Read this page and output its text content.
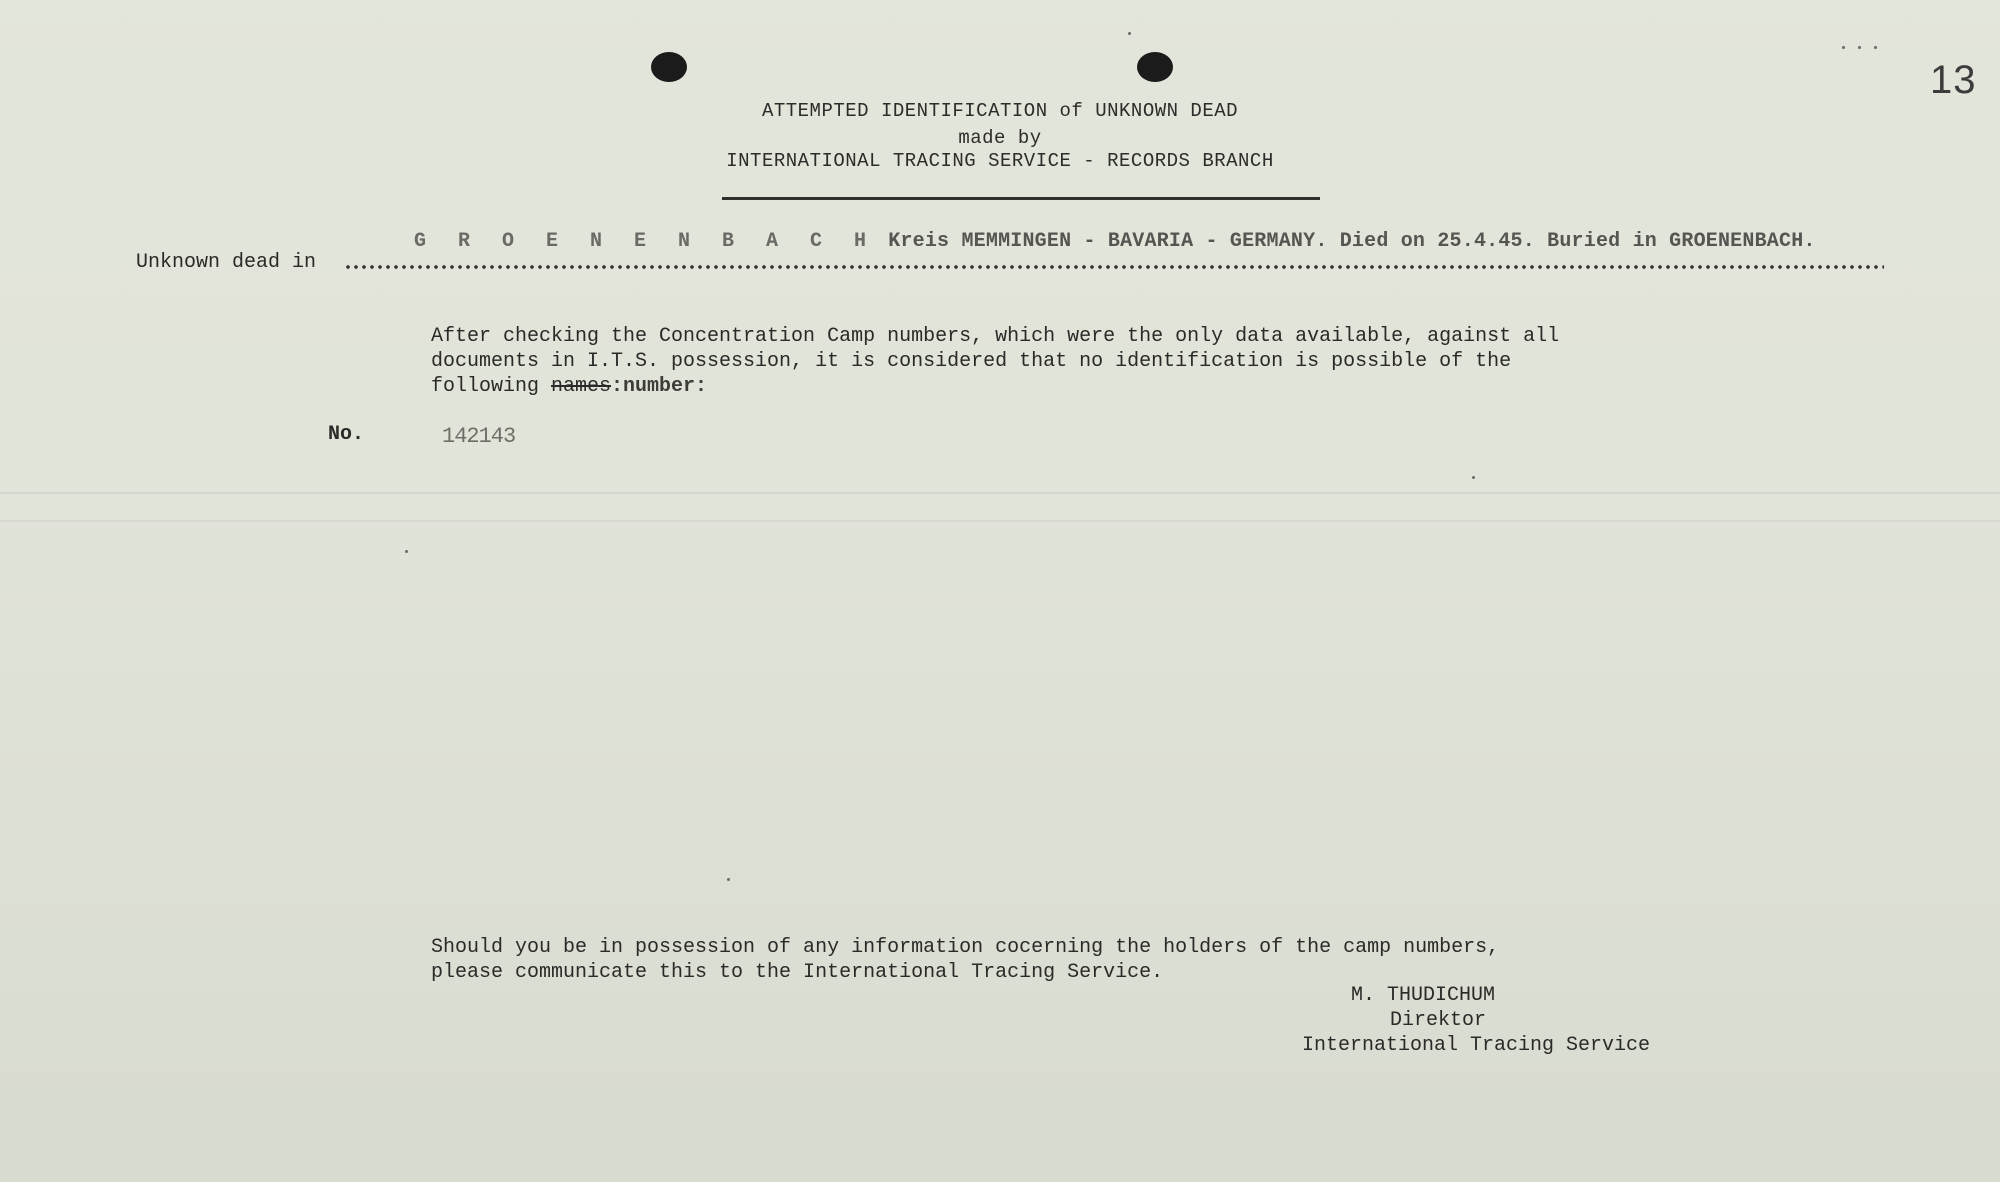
13
ATTEMPTED IDENTIFICATION of UNKNOWN DEAD
made by
INTERNATIONAL TRACING SERVICE - RECORDS BRANCH
G R O E N E N B A C H Kreis MEMMINGEN - BAVARIA - GERMANY. Died on 25.4.45. Buried in GROENENBACH.
Unknown dead in
After checking the Concentration Camp numbers, which were the only data available, against all
documents in I.T.S. possession, it is considered that no identification is possible of the
following names:number:
No.	142143
Should you be in possession of any information cocerning the holders of the camp numbers,
please communicate this to the International Tracing Service.
M. THUDICHUM
Direktor
International Tracing Service
